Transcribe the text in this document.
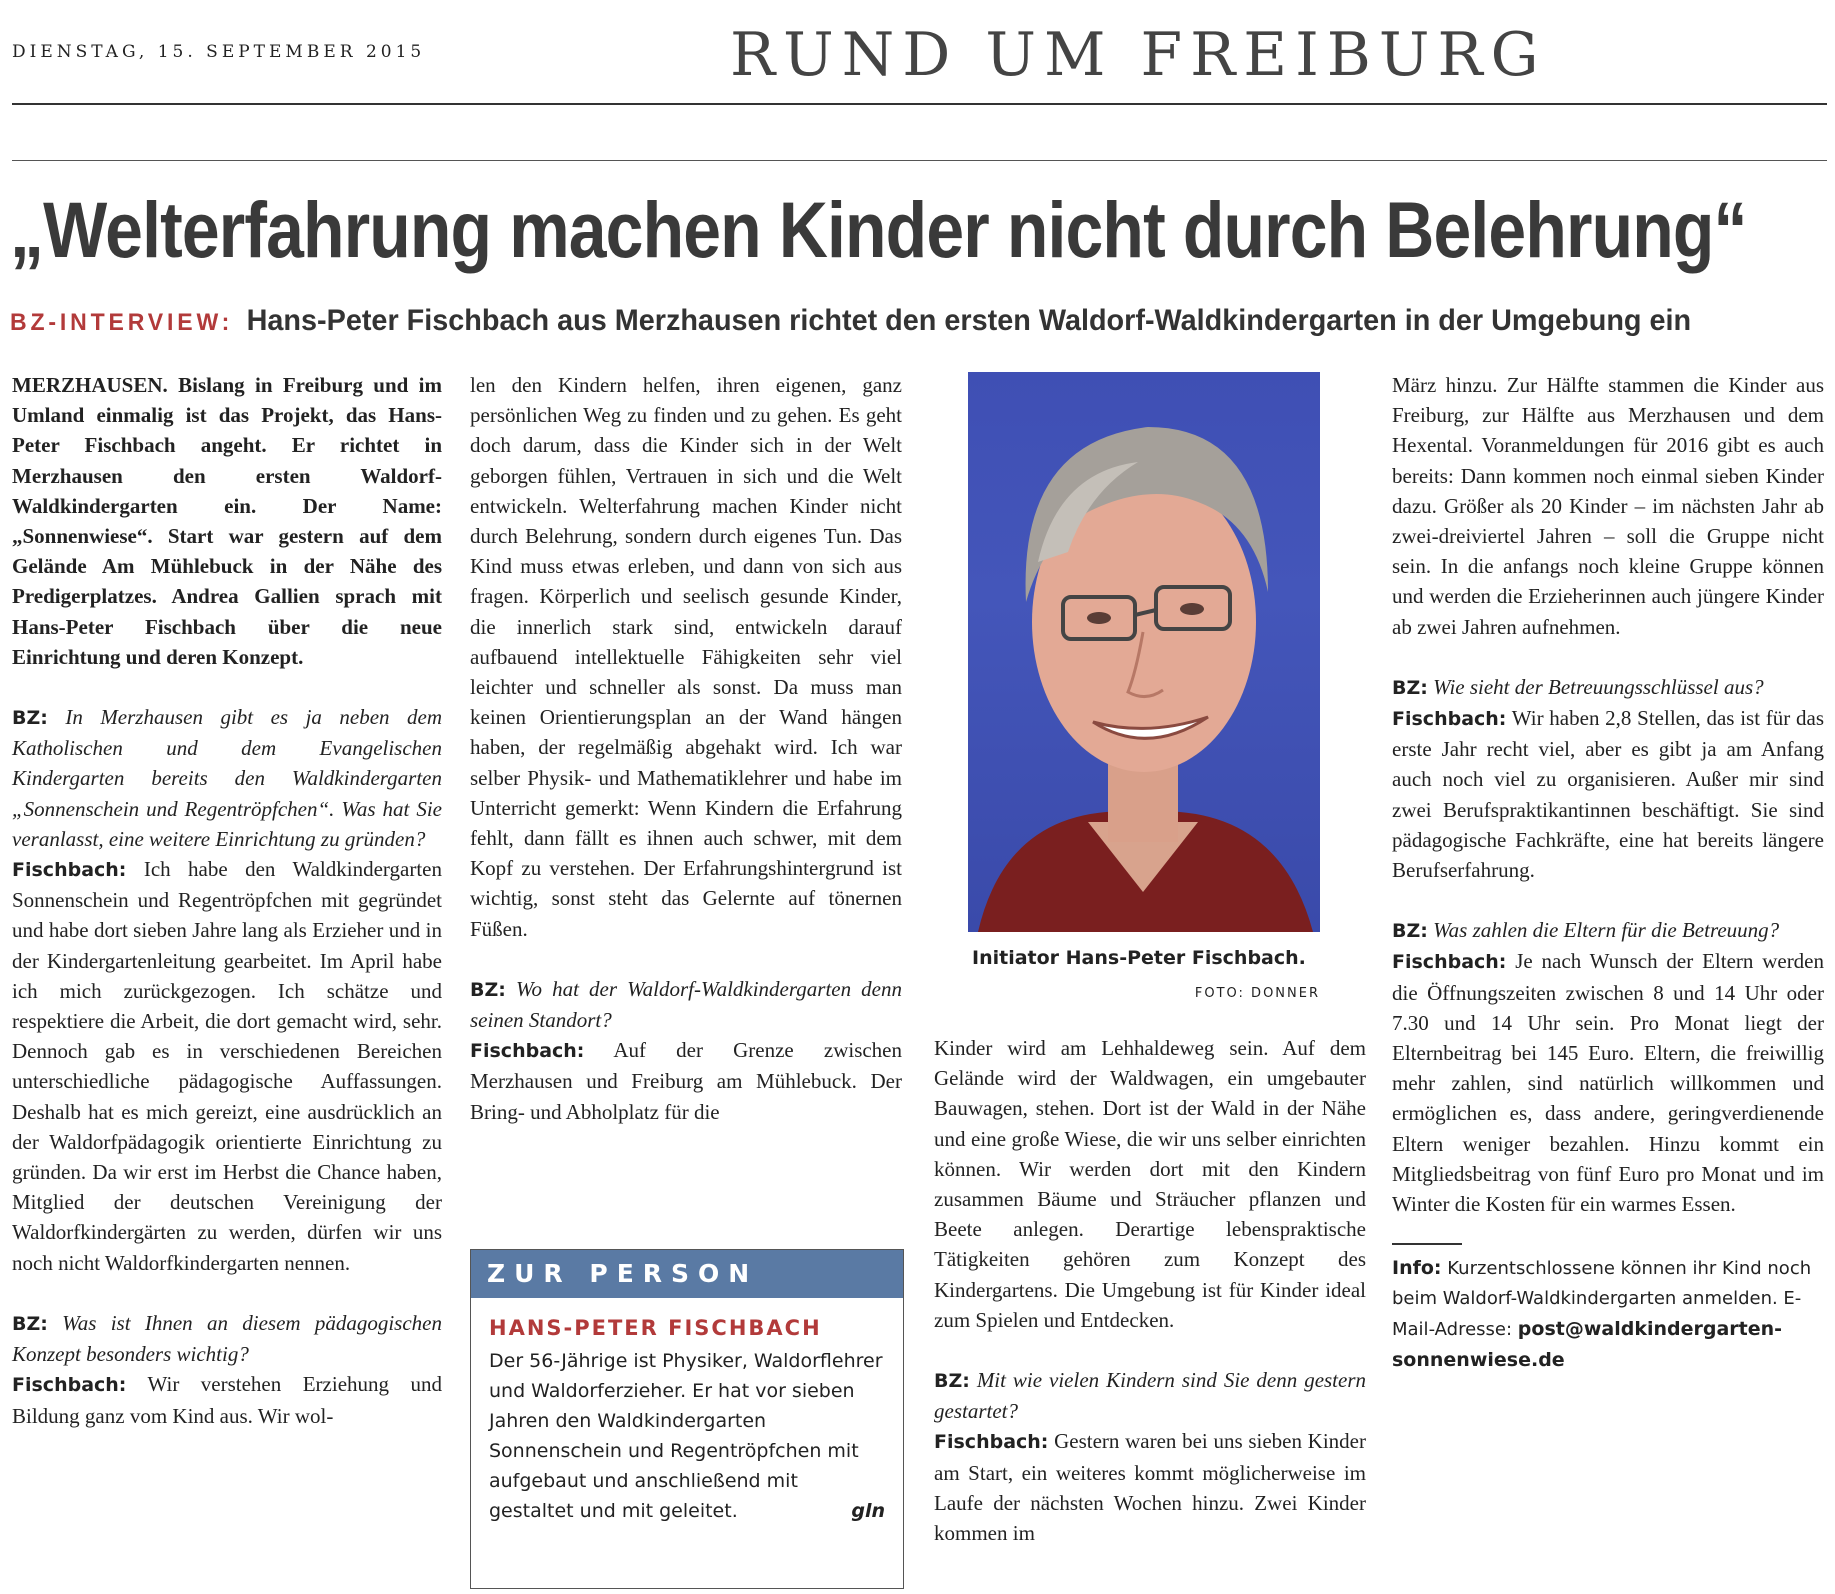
DIENSTAG, 15. SEPTEMBER 2015	RUND UM FREIBURG
„Welterfahrung machen Kinder nicht durch Belehrung“
BZ-INTERVIEW: Hans-Peter Fischbach aus Merzhausen richtet den ersten Waldorf-Waldkindergarten in der Umgebung ein

MERZHAUSEN. Bislang in Freiburg und im Umland einmalig ist das Projekt, das Hans-Peter Fischbach angeht. Er richtet in Merzhausen den ersten Waldorf-Waldkindergarten ein. Der Name: „Sonnenwiese“. Start war gestern auf dem Gelände Am Mühlebuck in der Nähe des Predigerplatzes. Andrea Gallien sprach mit Hans-Peter Fischbach über die neue Einrichtung und deren Konzept.

BZ: In Merzhausen gibt es ja neben dem Katholischen und dem Evangelischen Kindergarten bereits den Waldkindergarten „Sonnenschein und Regentröpfchen“. Was hat Sie veranlasst, eine weitere Einrichtung zu gründen?

Fischbach: Ich habe den Waldkindergarten Sonnenschein und Regentröpfchen mit gegründet und habe dort sieben Jahre lang als Erzieher und in der Kindergartenleitung gearbeitet. Im April habe ich mich zurückgezogen. Ich schätze und respektiere die Arbeit, die dort gemacht wird, sehr. Dennoch gab es in verschiedenen Bereichen unterschiedliche pädagogische Auffassungen. Deshalb hat es mich gereizt, eine ausdrücklich an der Waldorfpädagogik orientierte Einrichtung zu gründen. Da wir erst im Herbst die Chance haben, Mitglied der deutschen Vereinigung der Waldorfkindergärten zu werden, dürfen wir uns noch nicht Waldorfkindergarten nennen.

BZ: Was ist Ihnen an diesem pädagogischen Konzept besonders wichtig?

Fischbach: Wir verstehen Erziehung und Bildung ganz vom Kind aus. Wir wol-

len den Kindern helfen, ihren eigenen, ganz persönlichen Weg zu finden und zu gehen. Es geht doch darum, dass die Kinder sich in der Welt geborgen fühlen, Vertrauen in sich und die Welt entwickeln. Welterfahrung machen Kinder nicht durch Belehrung, sondern durch eigenes Tun. Das Kind muss etwas erleben, und dann von sich aus fragen. Körperlich und seelisch gesunde Kinder, die innerlich stark sind, entwickeln darauf aufbauend intellektuelle Fähigkeiten sehr viel leichter und schneller als sonst. Da muss man keinen Orientierungsplan an der Wand hängen haben, der regelmäßig abgehakt wird. Ich war selber Physik- und Mathematiklehrer und habe im Unterricht gemerkt: Wenn Kindern die Erfahrung fehlt, dann fällt es ihnen auch schwer, mit dem Kopf zu verstehen. Der Erfahrungshintergrund ist wichtig, sonst steht das Gelernte auf tönernen Füßen.

BZ: Wo hat der Waldorf-Waldkindergarten denn seinen Standort?

Fischbach: Auf der Grenze zwischen Merzhausen und Freiburg am Mühlebuck. Der Bring- und Abholplatz für die

Initiator Hans-Peter Fischbach.
FOTO: DONNER

Kinder wird am Lehhaldeweg sein. Auf dem Gelände wird der Waldwagen, ein umgebauter Bauwagen, stehen. Dort ist der Wald in der Nähe und eine große Wiese, die wir uns selber einrichten können. Wir werden dort mit den Kindern zusammen Bäume und Sträucher pflanzen und Beete anlegen. Derartige lebenspraktische Tätigkeiten gehören zum Konzept des Kindergartens. Die Umgebung ist für Kinder ideal zum Spielen und Entdecken.

BZ: Mit wie vielen Kindern sind Sie denn gestern gestartet?

Fischbach: Gestern waren bei uns sieben Kinder am Start, ein weiteres kommt möglicherweise im Laufe der nächsten Wochen hinzu. Zwei Kinder kommen im

März hinzu. Zur Hälfte stammen die Kinder aus Freiburg, zur Hälfte aus Merzhausen und dem Hexental. Voranmeldungen für 2016 gibt es auch bereits: Dann kommen noch einmal sieben Kinder dazu. Größer als 20 Kinder – im nächsten Jahr ab zwei-dreiviertel Jahren – soll die Gruppe nicht sein. In die anfangs noch kleine Gruppe können und werden die Erzieherinnen auch jüngere Kinder ab zwei Jahren aufnehmen.

BZ: Wie sieht der Betreuungsschlüssel aus?

Fischbach: Wir haben 2,8 Stellen, das ist für das erste Jahr recht viel, aber es gibt ja am Anfang auch noch viel zu organisieren. Außer mir sind zwei Berufspraktikantinnen beschäftigt. Sie sind pädagogische Fachkräfte, eine hat bereits längere Berufserfahrung.

BZ: Was zahlen die Eltern für die Betreuung?

Fischbach: Je nach Wunsch der Eltern werden die Öffnungszeiten zwischen 8 und 14 Uhr oder 7.30 und 14 Uhr sein. Pro Monat liegt der Elternbeitrag bei 145 Euro. Eltern, die freiwillig mehr zahlen, sind natürlich willkommen und ermöglichen es, dass andere, geringverdienende Eltern weniger bezahlen. Hinzu kommt ein Mitgliedsbeitrag von fünf Euro pro Monat und im Winter die Kosten für ein warmes Essen.

Info: Kurzentschlossene können ihr Kind noch beim Waldorf-Waldkindergarten anmelden. E-Mail-Adresse: post@waldkindergarten-sonnenwiese.de

ZUR PERSON
HANS-PETER FISCHBACH
Der 56-Jährige ist Physiker, Waldorflehrer und Waldorferzieher. Er hat vor sieben Jahren den Waldkindergarten Sonnenschein und Regentröpfchen mit aufgebaut und anschließend mit gestaltet und mit geleitet.	gln
